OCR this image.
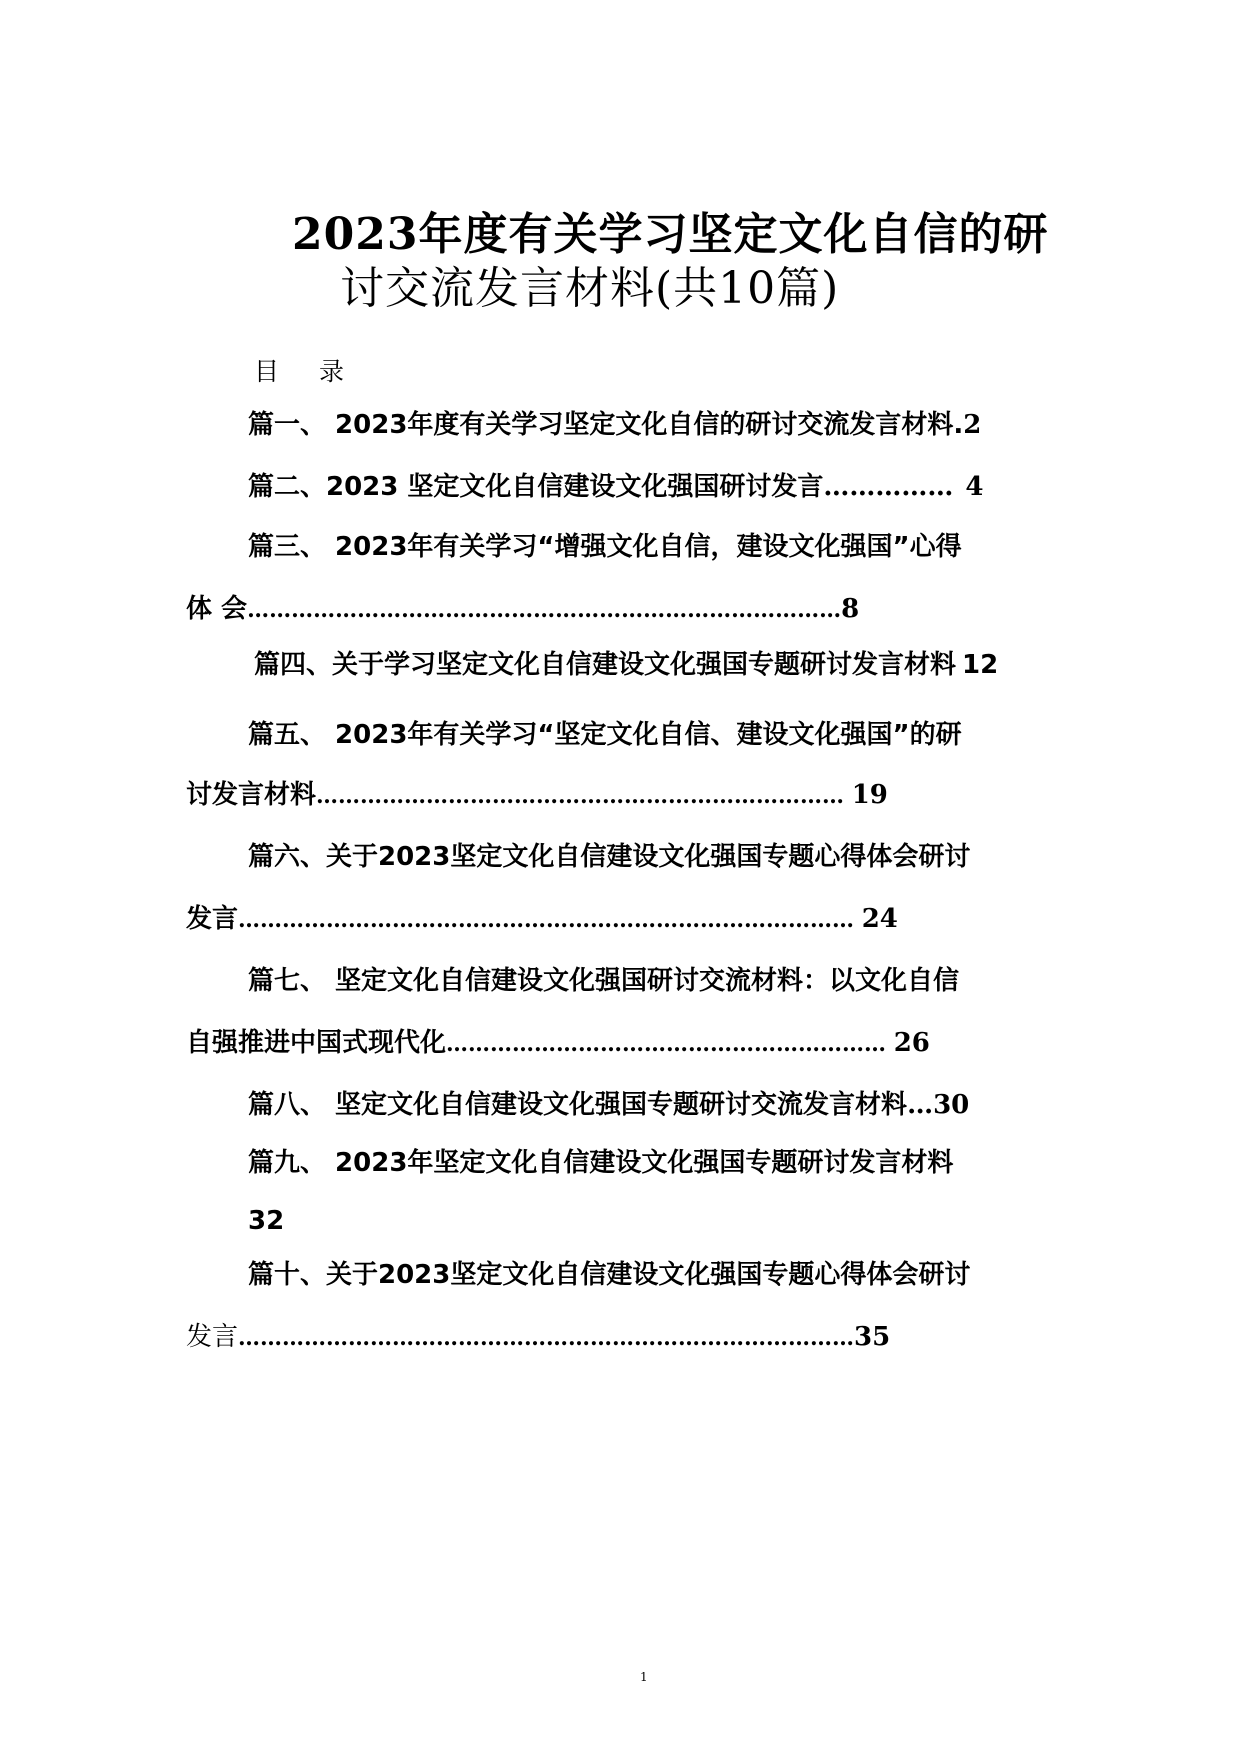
2023年度有关学习坚定文化自信的研
讨交流发言材料(共10篇)
目 录
篇一、 2023年度有关学习坚定文化自信的研讨交流发言材料.2
篇二、2023 坚定文化自信建设文化强国研讨发言…………… 4
篇三、 2023年有关学习“增强文化自信，建设文化强国”心得
体 会………………………………………………………………………8
篇四、关于学习坚定文化自信建设文化强国专题研讨发言材料 12
篇五、 2023年有关学习“坚定文化自信、建设文化强国”的研
讨发言材料……………………………………………………………… 19
篇六、关于2023坚定文化自信建设文化强国专题心得体会研讨
发言………………………………………………………………………… 24
篇七、 坚定文化自信建设文化强国研讨交流材料：以文化自信
自强推进中国式现代化…………………………………………………… 26
篇八、 坚定文化自信建设文化强国专题研讨交流发言材料…30
篇九、 2023年坚定文化自信建设文化强国专题研讨发言材料
32
篇十、关于2023坚定文化自信建设文化强国专题心得体会研讨
发言…………………………………………………………………………35
1
